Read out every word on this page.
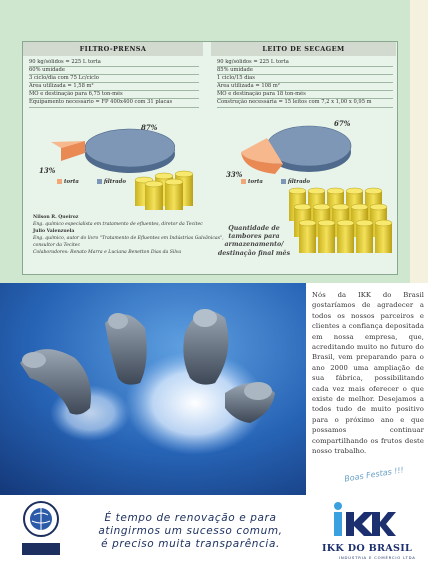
FILTRO-PRENSA	LEITO DE SECAGEM
90 kg/sólidos = 225 L torta
60% umidade
3 ciclo/dia com 75 Lc/ciclo
Área utilizada = 1,58 m²
MO e destinação para 6,75 ton-mês
Equipamento necessário = FP 400x400 com 31 placas
90 kg/sólidos = 225 L torta
85% umidade
1 ciclo/15 dias
Área utilizada = 108 m²
MO e destinação para 18 ton-mês
Construção necessária = 15 leitos com 7,2 x 1,00 x 0,95 m
87%
13%
torta	filtrado
67%
33%
torta	filtrado
Nilson R. Queiroz
Eng. químico especialista em tratamento de efluentes, diretor da Tecitec
Julio Valenzuela
Eng. químico, autor do livro "Tratamento de Efluentes em Indústrias Galvânicas", consultor da Tecitec
Colaboradores: Renato Marra e Luciana Benetton Dias da Silva
Quantidade de tambores para armazenamento/ destinação final mês
Nós da IKK do Brasil gostaríamos de agradecer a todos os nossos parceiros e clientes a confiança depositada em nossa empresa, que, acreditando muito no futuro do Brasil, vem preparando para o ano 2000 uma ampliação de sua fábrica, possibilitando cada vez mais oferecer o que existe de melhor. Desejamos a todos tudo de muito positivo para o próximo ano e que possamos continuar compartilhando os frutos deste nosso trabalho.
Boas Festas !!!
É tempo de renovação e para
atingirmos um sucesso comum,
é preciso muita transparência.	IKK DO BRASIL
INDÚSTRIA E COMÉRCIO LTDA
